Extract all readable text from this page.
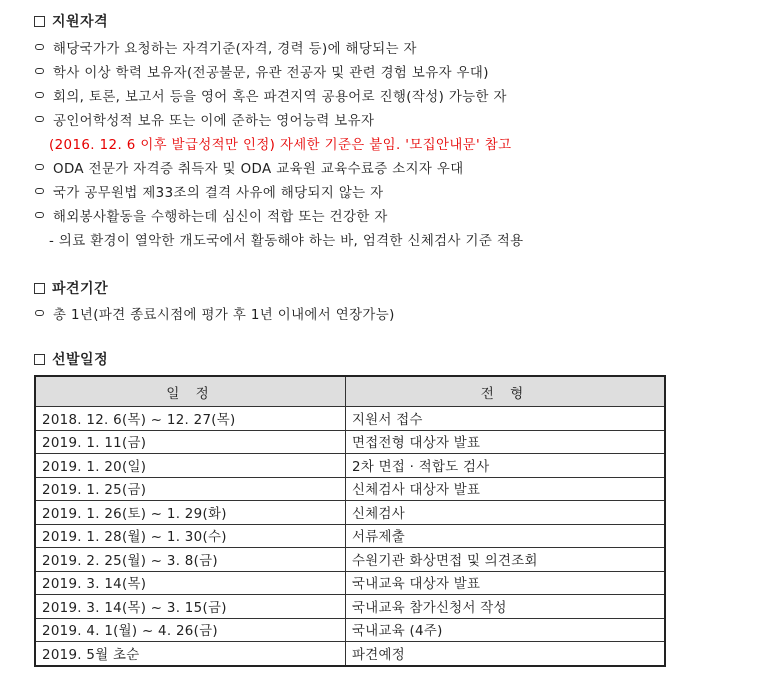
지원자격
해당국가가 요청하는 자격기준(자격, 경력 등)에 해당되는 자
학사 이상 학력 보유자(전공불문, 유관 전공자 및 관련 경험 보유자 우대)
회의, 토론, 보고서 등을 영어 혹은 파견지역 공용어로 진행(작성) 가능한 자
공인어학성적 보유 또는 이에 준하는 영어능력 보유자
(2016. 12. 6 이후 발급성적만 인정) 자세한 기준은 붙임. '모집안내문' 참고
ODA 전문가 자격증 취득자 및 ODA 교육원 교육수료증 소지자 우대
국가 공무원법 제33조의 결격 사유에 해당되지 않는 자
해외봉사활동을 수행하는데 심신이 적합 또는 건강한 자
- 의료 환경이 열악한 개도국에서 활동해야 하는 바, 엄격한 신체검사 기준 적용
파견기간
총 1년(파견 종료시점에 평가 후 1년 이내에서 연장가능)
선발일정
일 정	전 형
2018. 12. 6(목) ~ 12. 27(목)	지원서 접수
2019. 1. 11(금)	면접전형 대상자 발표
2019. 1. 20(일)	2차 면접 · 적합도 검사
2019. 1. 25(금)	신체검사 대상자 발표
2019. 1. 26(토) ~ 1. 29(화)	신체검사
2019. 1. 28(월) ~ 1. 30(수)	서류제출
2019. 2. 25(월) ~ 3. 8(금)	수원기관 화상면접 및 의견조회
2019. 3. 14(목)	국내교육 대상자 발표
2019. 3. 14(목) ~ 3. 15(금)	국내교육 참가신청서 작성
2019. 4. 1(월) ~ 4. 26(금)	국내교육 (4주)
2019. 5월 초순	파견예정
